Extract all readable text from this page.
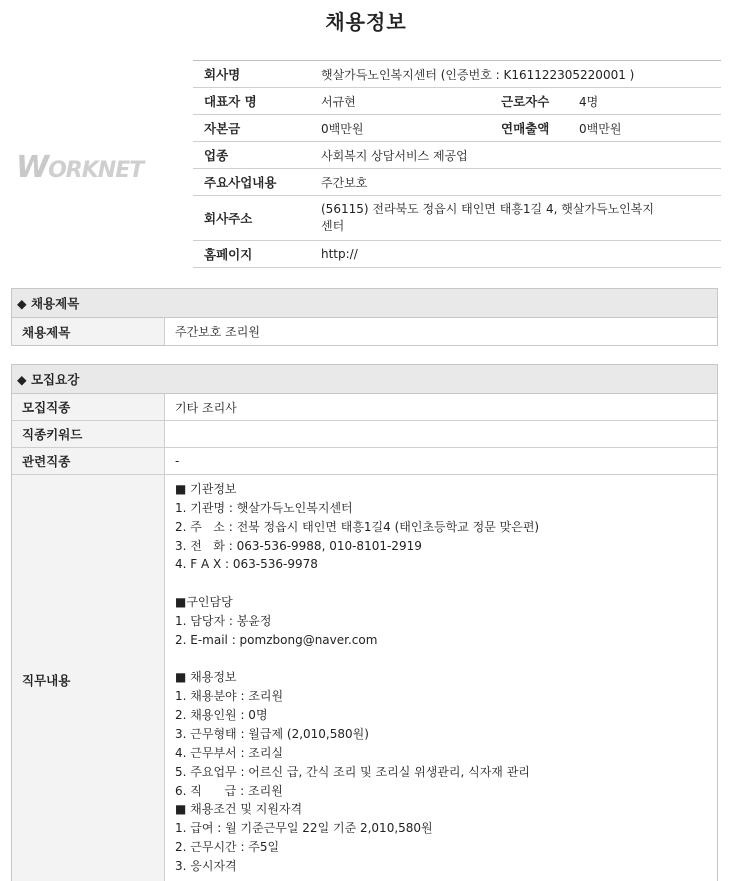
채용정보
WORKNET
회사명	햇살가득노인복지센터 (인증번호 : K161122305220001 )
대표자 명	서규현	근로자수	4명
자본금	0백만원	연매출액	0백만원
업종	사회복지 상담서비스 제공업
주요사업내용	주간보호
회사주소
(56115) 전라북도 정읍시 태인면 태흥1길 4, 햇살가득노인복지
센터
홈페이지	http://
◆ 채용제목
채용제목	주간보호 조리원
◆ 모집요강
모집직종	기타 조리사
직종키워드
관련직종	-
직무내용
■ 기관정보
1. 기관명 : 햇살가득노인복지센터
2. 주   소 : 전북 정읍시 태인면 태흥1길4 (태인초등학교 정문 맞은편)
3. 전   화 : 063-536-9988, 010-8101-2919
4. F A X : 063-536-9978
■구인담당
1. 담당자 : 봉윤정
2. E-mail : pomzbong@naver.com
■ 채용정보
1. 채용분야 : 조리원
2. 채용인원 : 0명
3. 근무형태 : 월급제 (2,010,580원)
4. 근무부서 : 조리실
5. 주요업무 : 어르신 급, 간식 조리 및 조리실 위생관리, 식자재 관리
6. 직      급 : 조리원
■ 채용조건 및 지원자격
1. 급여 : 월 기준근무일 22일 기준 2,010,580원
2. 근무시간 : 주5일
3. 응시자격
